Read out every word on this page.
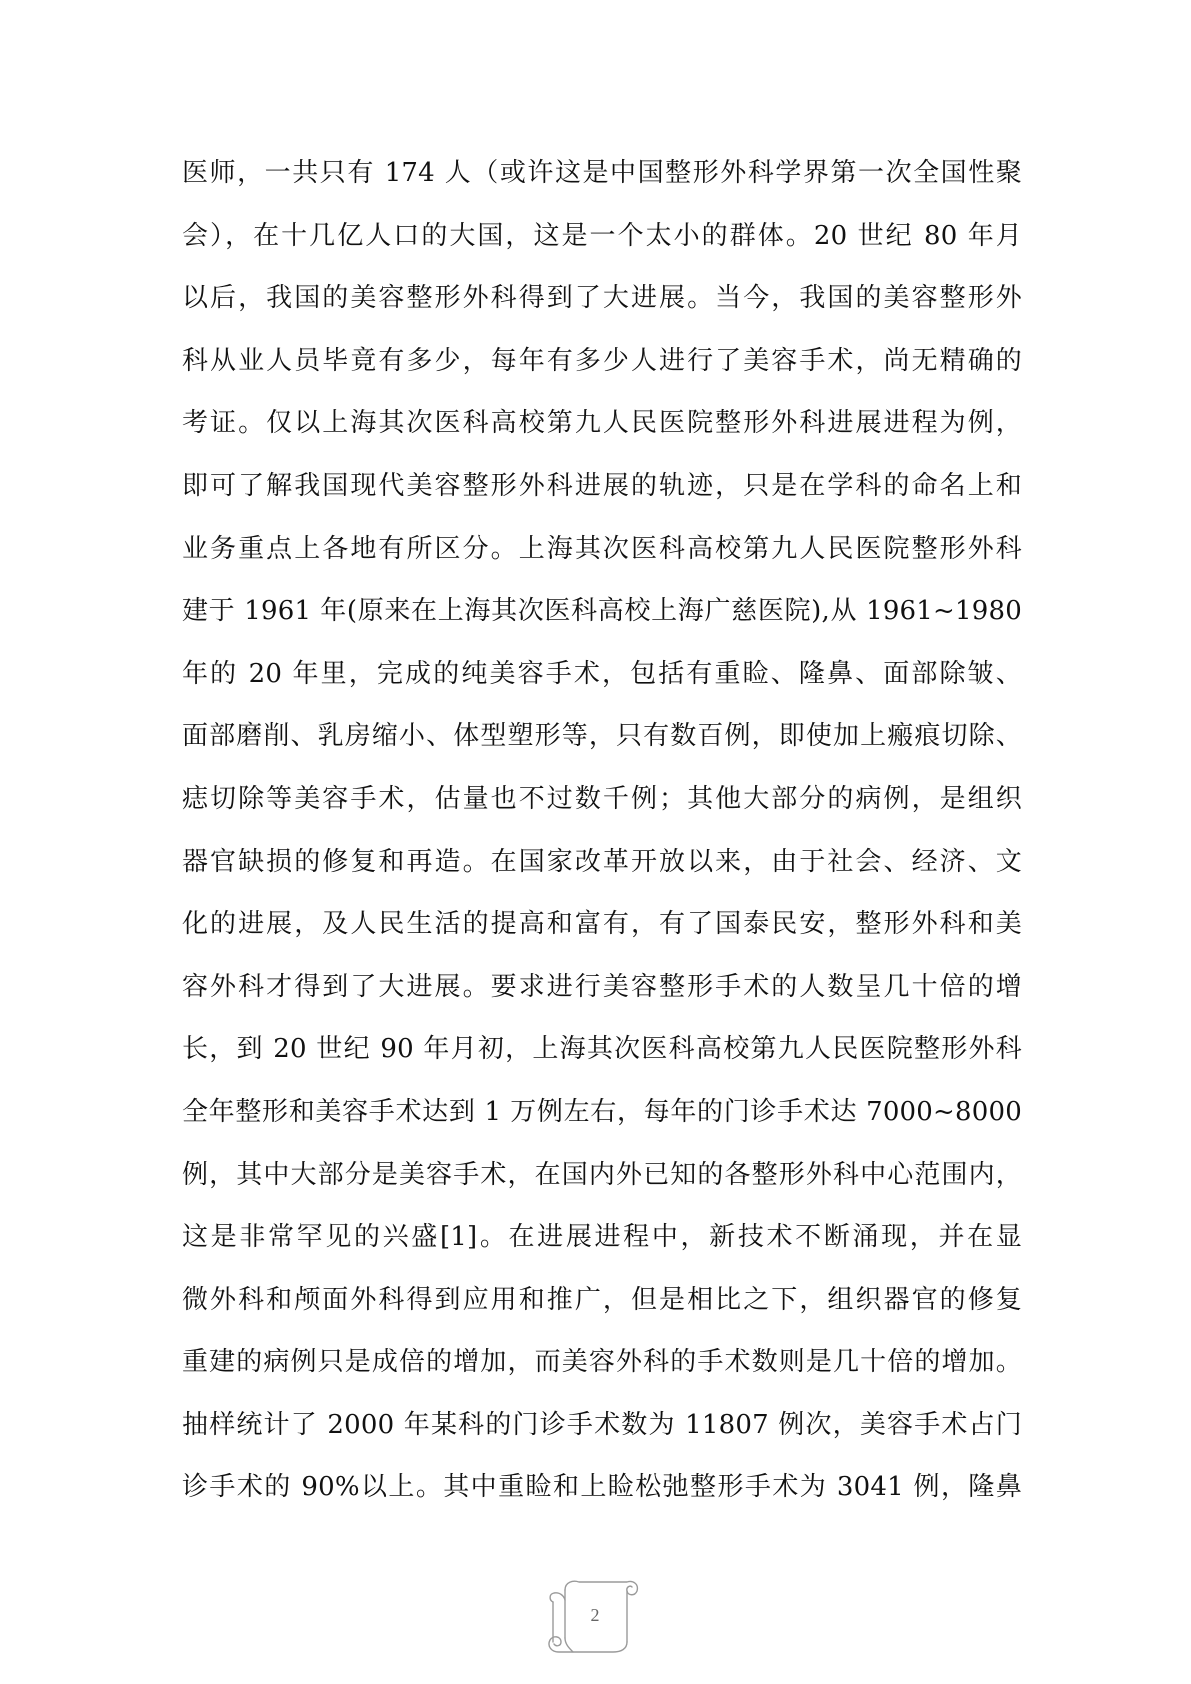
医师，一共只有 174 人（或许这是中国整形外科学界第一次全国性聚
会），在十几亿人口的大国，这是一个太小的群体。20 世纪 80 年月
以后，我国的美容整形外科得到了大进展。当今，我国的美容整形外
科从业人员毕竟有多少，每年有多少人进行了美容手术，尚无精确的
考证。仅以上海其次医科高校第九人民医院整形外科进展进程为例，
即可了解我国现代美容整形外科进展的轨迹，只是在学科的命名上和
业务重点上各地有所区分。上海其次医科高校第九人民医院整形外科
建于 1961 年(原来在上海其次医科高校上海广慈医院),从 1961~1980
年的 20 年里，完成的纯美容手术，包括有重睑、隆鼻、面部除皱、
面部磨削、乳房缩小、体型塑形等，只有数百例，即使加上瘢痕切除、
痣切除等美容手术，估量也不过数千例；其他大部分的病例，是组织
器官缺损的修复和再造。在国家改革开放以来，由于社会、经济、文
化的进展，及人民生活的提高和富有，有了国泰民安，整形外科和美
容外科才得到了大进展。要求进行美容整形手术的人数呈几十倍的增
长，到 20 世纪 90 年月初，上海其次医科高校第九人民医院整形外科
全年整形和美容手术达到 1 万例左右，每年的门诊手术达 7000~8000
例，其中大部分是美容手术，在国内外已知的各整形外科中心范围内，
这是非常罕见的兴盛[1]。在进展进程中，新技术不断涌现，并在显
微外科和颅面外科得到应用和推广，但是相比之下，组织器官的修复
重建的病例只是成倍的增加，而美容外科的手术数则是几十倍的增加。
抽样统计了 2000 年某科的门诊手术数为 11807 例次，美容手术占门
诊手术的 90%以上。其中重睑和上睑松弛整形手术为 3041 例，隆鼻
2
